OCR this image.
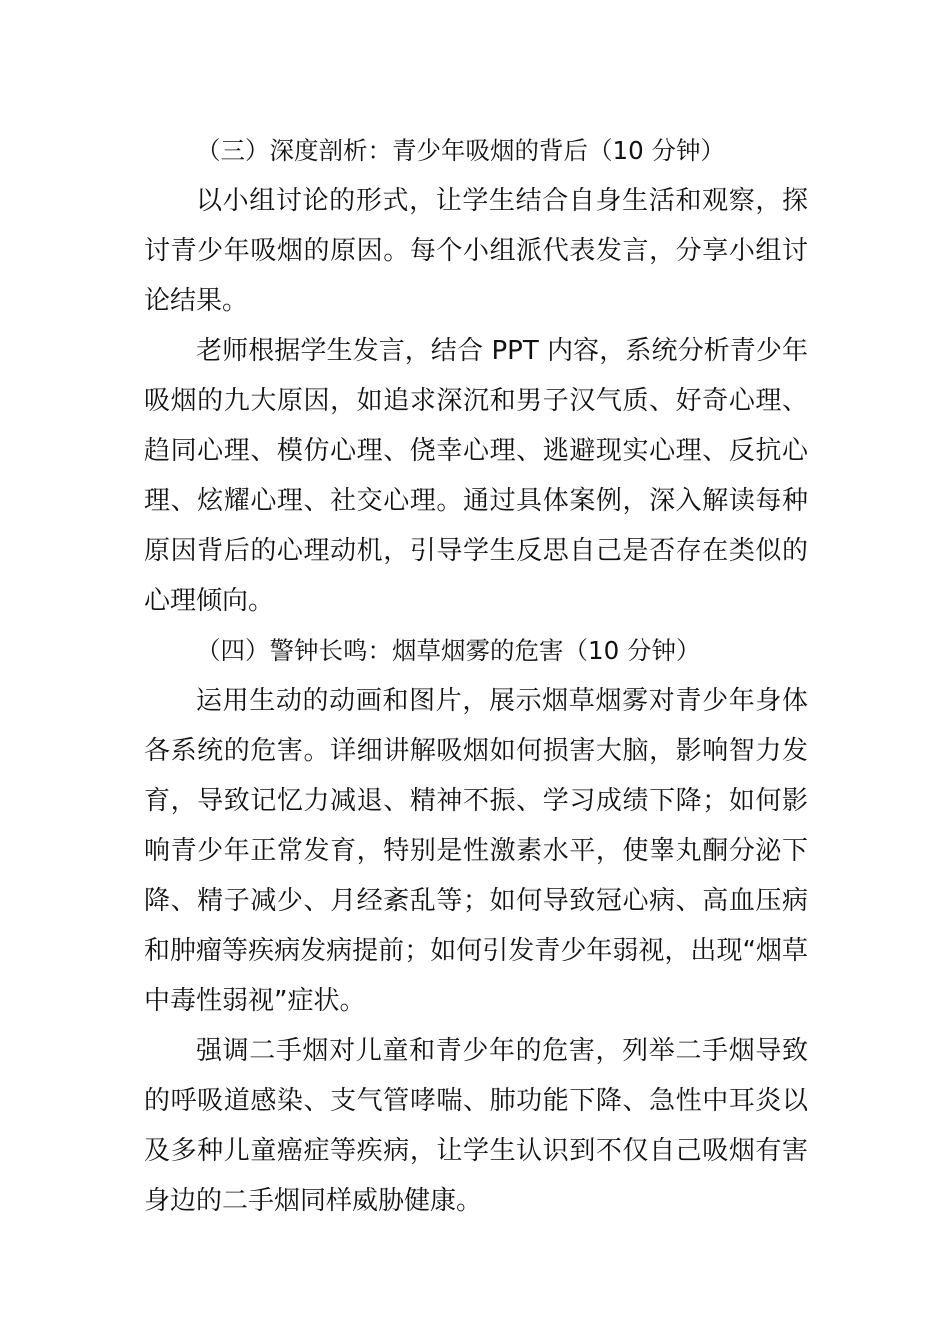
（三）深度剖析：青少年吸烟的背后（10 分钟）

以小组讨论的形式，让学生结合自身生活和观察，探讨青少年吸烟的原因。每个小组派代表发言，分享小组讨论结果。

老师根据学生发言，结合 PPT 内容，系统分析青少年吸烟的九大原因，如追求深沉和男子汉气质、好奇心理、趋同心理、模仿心理、侥幸心理、逃避现实心理、反抗心理、炫耀心理、社交心理。通过具体案例，深入解读每种原因背后的心理动机，引导学生反思自己是否存在类似的心理倾向。

（四）警钟长鸣：烟草烟雾的危害（10 分钟）

运用生动的动画和图片，展示烟草烟雾对青少年身体各系统的危害。详细讲解吸烟如何损害大脑，影响智力发育，导致记忆力减退、精神不振、学习成绩下降；如何影响青少年正常发育，特别是性激素水平，使睾丸酮分泌下降、精子减少、月经紊乱等；如何导致冠心病、高血压病和肿瘤等疾病发病提前；如何引发青少年弱视，出现“烟草中毒性弱视”症状。

强调二手烟对儿童和青少年的危害，列举二手烟导致的呼吸道感染、支气管哮喘、肺功能下降、急性中耳炎以及多种儿童癌症等疾病，让学生认识到不仅自己吸烟有害身边的二手烟同样威胁健康。
